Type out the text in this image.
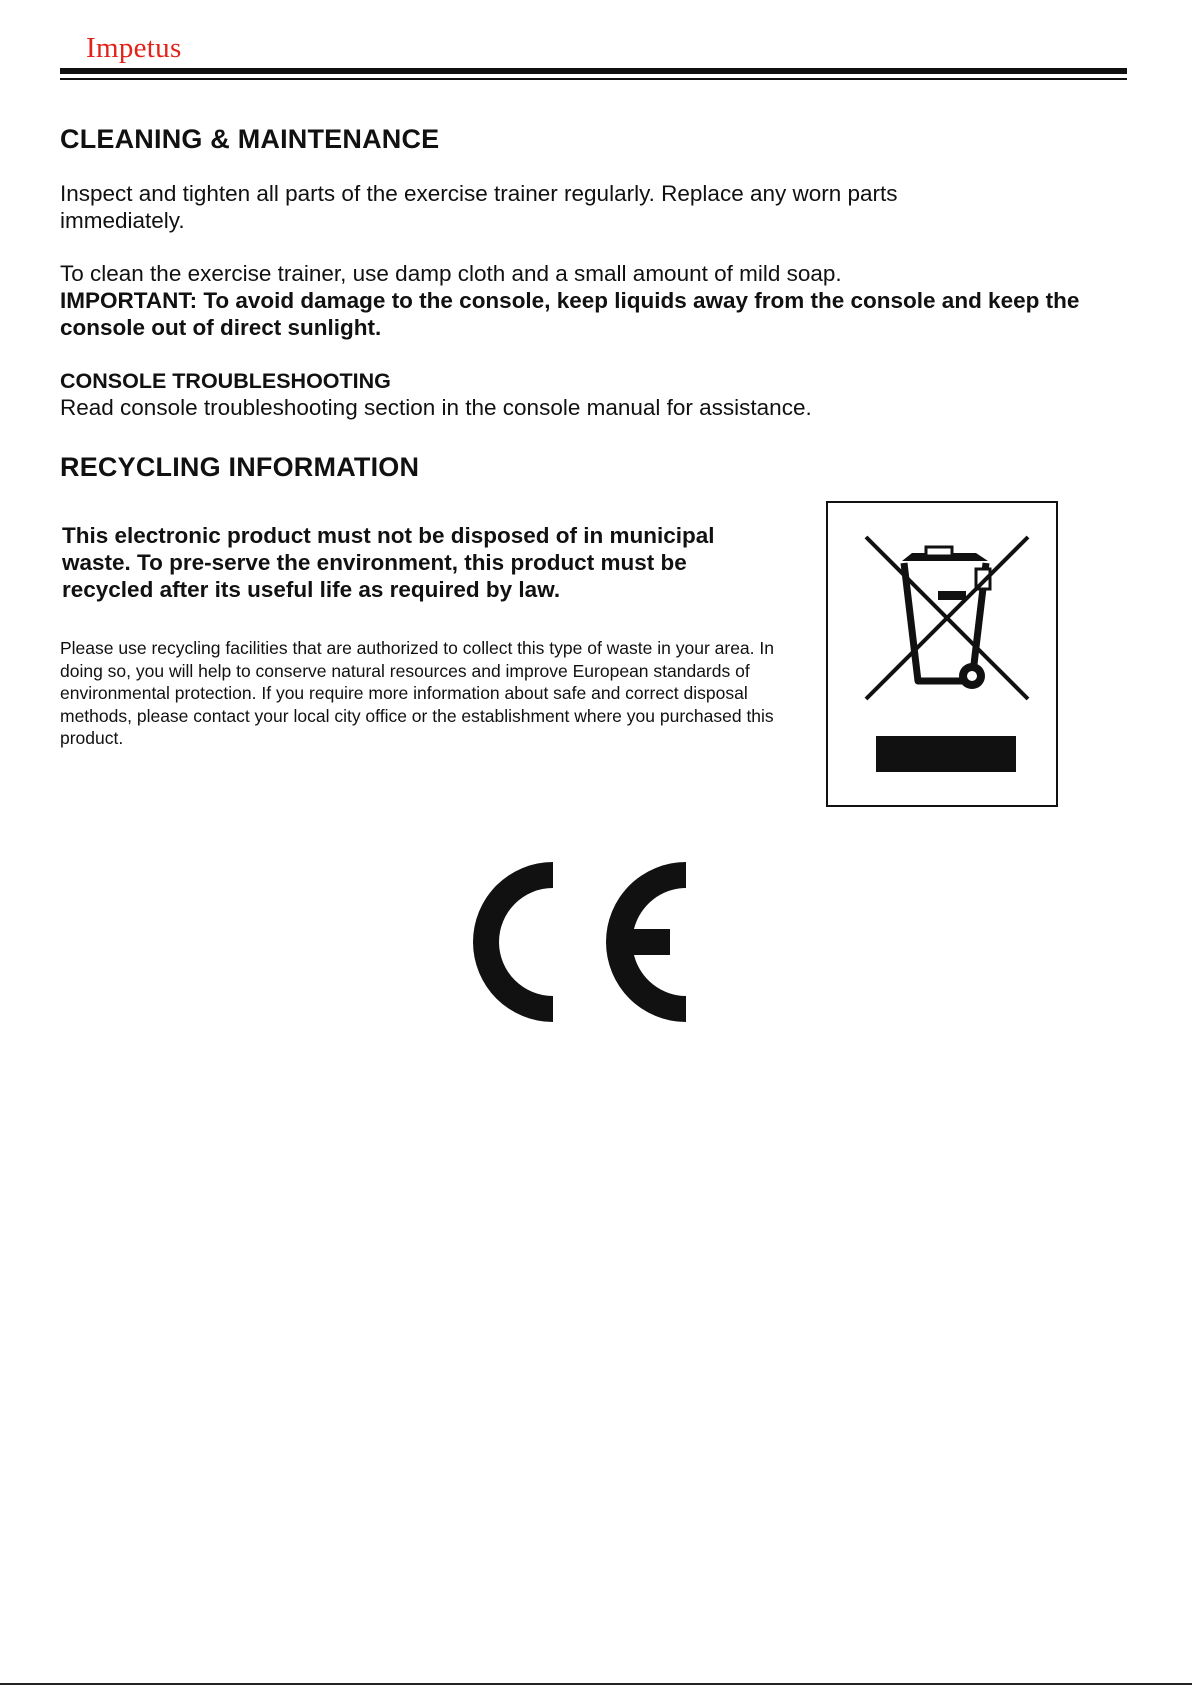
Impetus
CLEANING & MAINTENANCE

Inspect and tighten all parts of the exercise trainer regularly. Replace any worn parts immediately.

To clean the exercise trainer, use damp cloth and a small amount of mild soap.

IMPORTANT: To avoid damage to the console, keep liquids away from the console and keep the console out of direct sunlight.

CONSOLE TROUBLESHOOTING

Read console troubleshooting section in the console manual for assistance.

RECYCLING INFORMATION

This electronic product must not be disposed of in municipal waste. To pre-serve the environment, this product must be recycled after its useful life as required by law.

Please use recycling facilities that are authorized to collect this type of waste in your area. In doing so, you will help to conserve natural resources and improve European standards of environmental protection. If you require more information about safe and correct disposal methods, please contact your local city office or the establishment where you purchased this product.
